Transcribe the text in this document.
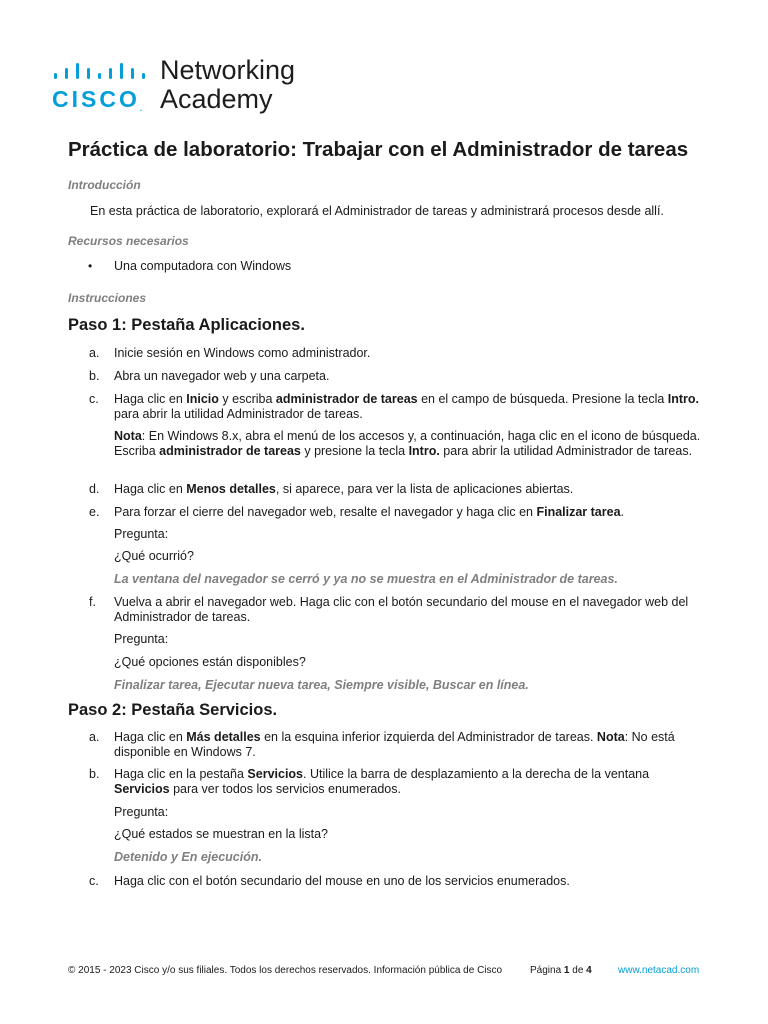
CISCO.
Networking
Academy
Práctica de laboratorio: Trabajar con el Administrador de tareas
Introducción
En esta práctica de laboratorio, explorará el Administrador de tareas y administrará procesos desde allí.
Recursos necesarios
• Una computadora con Windows
Instrucciones
Paso 1: Pestaña Aplicaciones.
a. Inicie sesión en Windows como administrador.
b. Abra un navegador web y una carpeta.
c. Haga clic en Inicio y escriba administrador de tareas en el campo de búsqueda. Presione la tecla Intro.
para abrir la utilidad Administrador de tareas.
Nota: En Windows 8.x, abra el menú de los accesos y, a continuación, haga clic en el icono de búsqueda. Escriba administrador de tareas y presione la tecla Intro. para abrir la utilidad Administrador de tareas.
d. Haga clic en Menos detalles, si aparece, para ver la lista de aplicaciones abiertas.
e. Para forzar el cierre del navegador web, resalte el navegador y haga clic en Finalizar tarea.
Pregunta:
¿Qué ocurrió?
La ventana del navegador se cerró y ya no se muestra en el Administrador de tareas.
f. Vuelva a abrir el navegador web. Haga clic con el botón secundario del mouse en el navegador web del Administrador de tareas.
Pregunta:
¿Qué opciones están disponibles?
Finalizar tarea, Ejecutar nueva tarea, Siempre visible, Buscar en línea.
Paso 2: Pestaña Servicios.
a. Haga clic en Más detalles en la esquina inferior izquierda del Administrador de tareas. Nota: No está disponible en Windows 7.
b. Haga clic en la pestaña Servicios. Utilice la barra de desplazamiento a la derecha de la ventana Servicios para ver todos los servicios enumerados.
Pregunta:
¿Qué estados se muestran en la lista?
Detenido y En ejecución.
c. Haga clic con el botón secundario del mouse en uno de los servicios enumerados.
© 2015 - 2023 Cisco y/o sus filiales. Todos los derechos reservados. Información pública de Cisco	Página 1 de 4	www.netacad.com
